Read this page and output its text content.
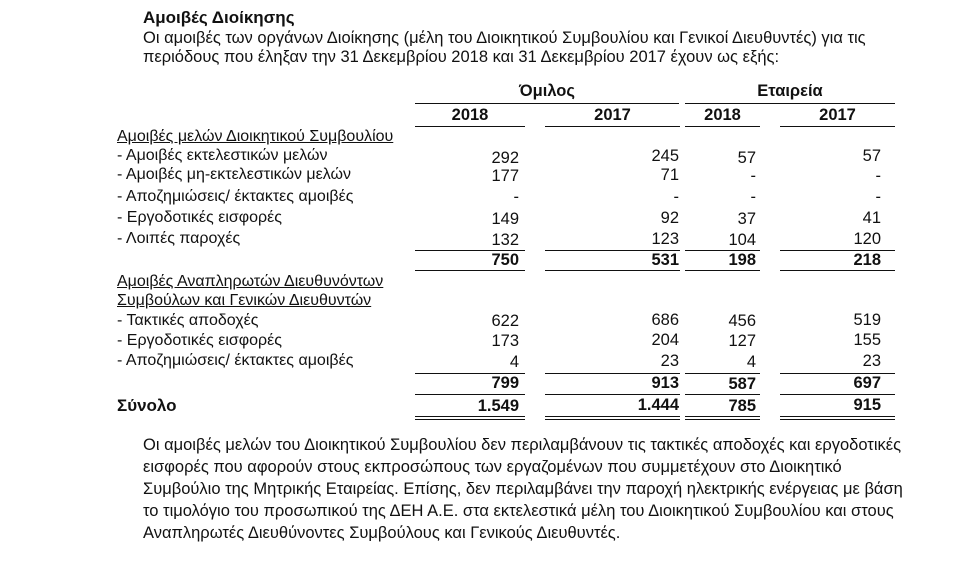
Αμοιβές Διοίκησης
Οι αμοιβές των οργάνων Διοίκησης (μέλη του Διοικητικού Συμβουλίου και Γενικοί Διευθυντές) για τις
περιόδους που έληξαν την 31 Δεκεμβρίου 2018 και 31 Δεκεμβρίου 2017 έχουν ως εξής:
Όμιλος	Εταιρεία
2018	2017	2018	2017
Αμοιβές μελών Διοικητικού Συμβουλίου
- Αμοιβές εκτελεστικών μελών	292	245	57	57
- Αμοιβές μη-εκτελεστικών μελών	177	71	-	-
- Αποζημιώσεις/ έκτακτες αμοιβές	-	-	-	-
- Εργοδοτικές εισφορές	149	92	37	41
- Λοιπές παροχές	132	123	104	120
750	531	198	218
Αμοιβές Αναπληρωτών Διευθυνόντων
Συμβούλων και Γενικών Διευθυντών
- Τακτικές αποδοχές	622	686	456	519
- Εργοδοτικές εισφορές	173	204	127	155
- Αποζημιώσεις/ έκτακτες αμοιβές	4	23	4	23
799	913	587	697
Σύνολο	1.549	1.444	785	915
Οι αμοιβές μελών του Διοικητικού Συμβουλίου δεν περιλαμβάνουν τις τακτικές αποδοχές και εργοδοτικές
εισφορές που αφορούν στους εκπροσώπους των εργαζομένων που συμμετέχουν στο Διοικητικό
Συμβούλιο της Μητρικής Εταιρείας. Επίσης, δεν περιλαμβάνει την παροχή ηλεκτρικής ενέργειας με βάση
το τιμολόγιο του προσωπικού της ΔΕΗ Α.Ε. στα εκτελεστικά μέλη του Διοικητικού Συμβουλίου και στους
Αναπληρωτές Διευθύνοντες Συμβούλους και Γενικούς Διευθυντές.
